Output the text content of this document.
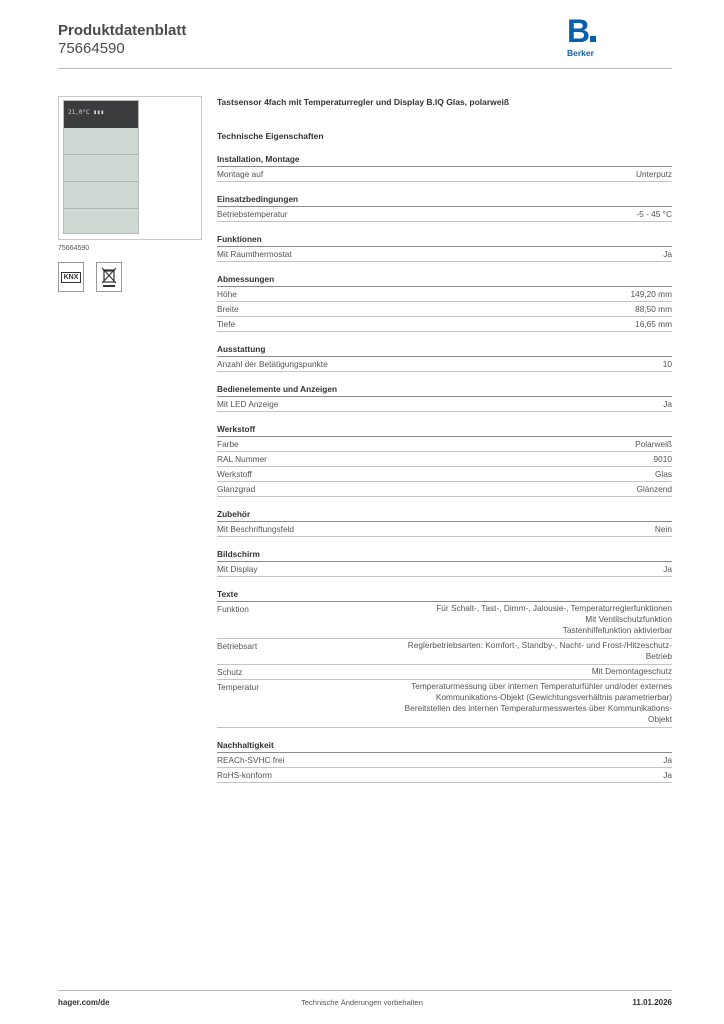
Produktdatenblatt
75664590	B
Berker
21,0°C ▮▮▮
75664590
KNX
Tastsensor 4fach mit Temperaturregler und Display B.IQ Glas, polarweiß
Technische Eigenschaften
Installation, Montage
Montage auf	Unterputz
Einsatzbedingungen
Betriebstemperatur	-5 - 45 °C
Funktionen
Mit Raumthermostat	Ja
Abmessungen
Höhe	149,20 mm
Breite	88,50 mm
Tiefe	16,65 mm
Ausstattung
Anzahl der Betätigungspunkte	10
Bedienelemente und Anzeigen
Mit LED Anzeige	Ja
Werkstoff
Farbe	Polarweiß
RAL Nummer	9010
Werkstoff	Glas
Glanzgrad	Glänzend
Zubehör
Mit Beschriftungsfeld	Nein
Bildschirm
Mit Display	Ja
Texte
Funktion	Für Schalt-, Tast-, Dimm-, Jalousie-, Temperaturreglerfunktionen
Mit Ventilschutzfunktion
Tastenhilfefunktion aktivierbar
Betriebsart	Reglerbetriebsarten: Komfort-, Standby-, Nacht- und Frost-/Hitzeschutz-
Betrieb
Schutz	Mit Demontageschutz
Temperatur	Temperaturmessung über internen Temperaturfühler und/oder externes
Kommunikations-Objekt (Gewichtungsverhältnis parametrierbar)
Bereitstellen des internen Temperaturmesswertes über Kommunikations-
Objekt
Nachhaltigkeit
REACh-SVHC frei	Ja
RoHS-konform	Ja
hager.com/de	Technische Änderungen vorbehalten	11.01.2026
